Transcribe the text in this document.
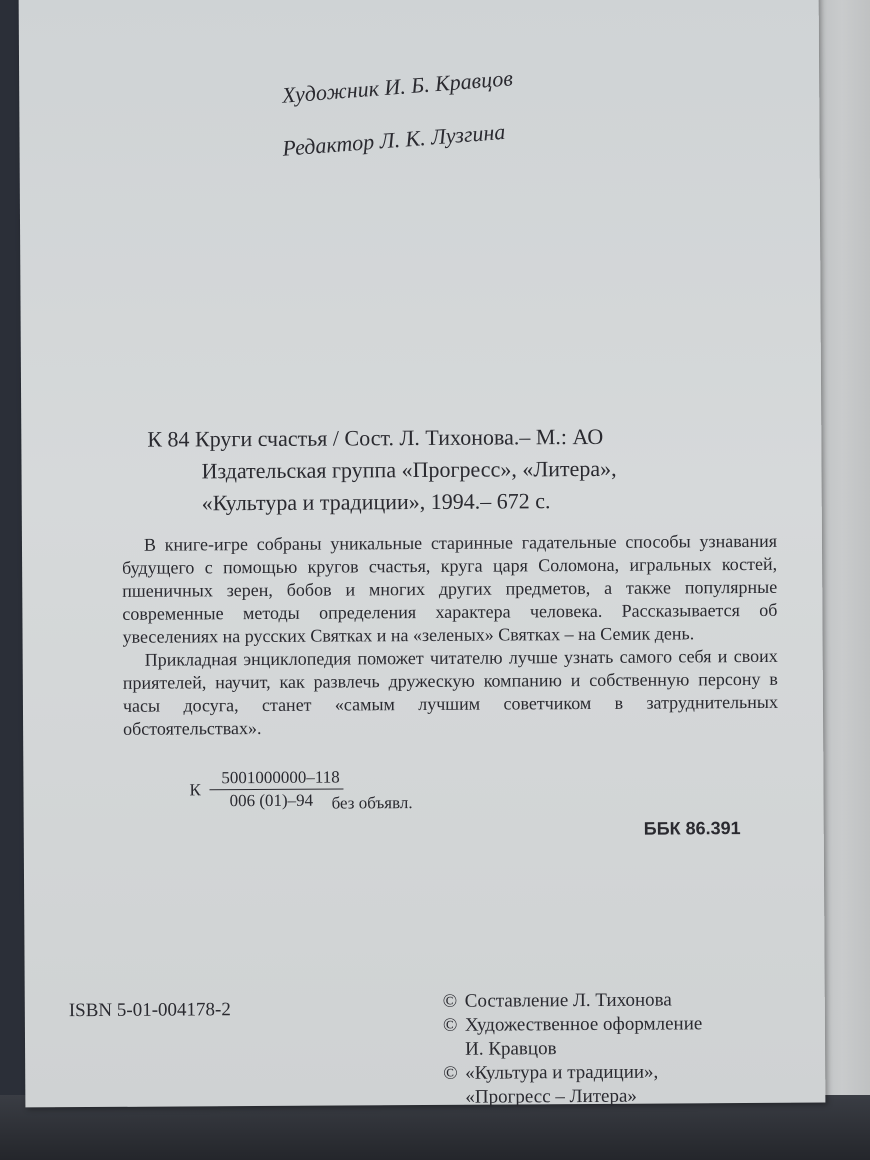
Художник И. Б. Кравцов
Редактор Л. К. Лузгина
К 84 Круги счастья / Сост. Л. Тихонова.– М.: АО
Издательская группа «Прогресс», «Литера»,
«Культура и традиции», 1994.– 672 с.

В книге-игре собраны уникальные старинные гадательные способы узнавания будущего с помощью кругов счастья, круга царя Соломона, игральных костей, пшеничных зерен, бобов и многих других предметов, а также популярные современные методы определения характера человека. Рассказывается об увеселениях на русских Святках и на «зеленых» Святках – на Семик день.

Прикладная энциклопедия поможет читателю лучше узнать самого себя и своих приятелей, научит, как развлечь дружескую компанию и собственную персону в часы досуга, станет «самым лучшим советчиком в затруднительных обстоятельствах».

К $\frac{5001000000-118}{006 (01)-94}$
без объявл.
ББК 86.391
ISBN 5-01-004178-2	© Составление Л. Тихонова
© Художественное оформление
И. Кравцов
© «Культура и традиции»,
«Прогресс – Литера»
